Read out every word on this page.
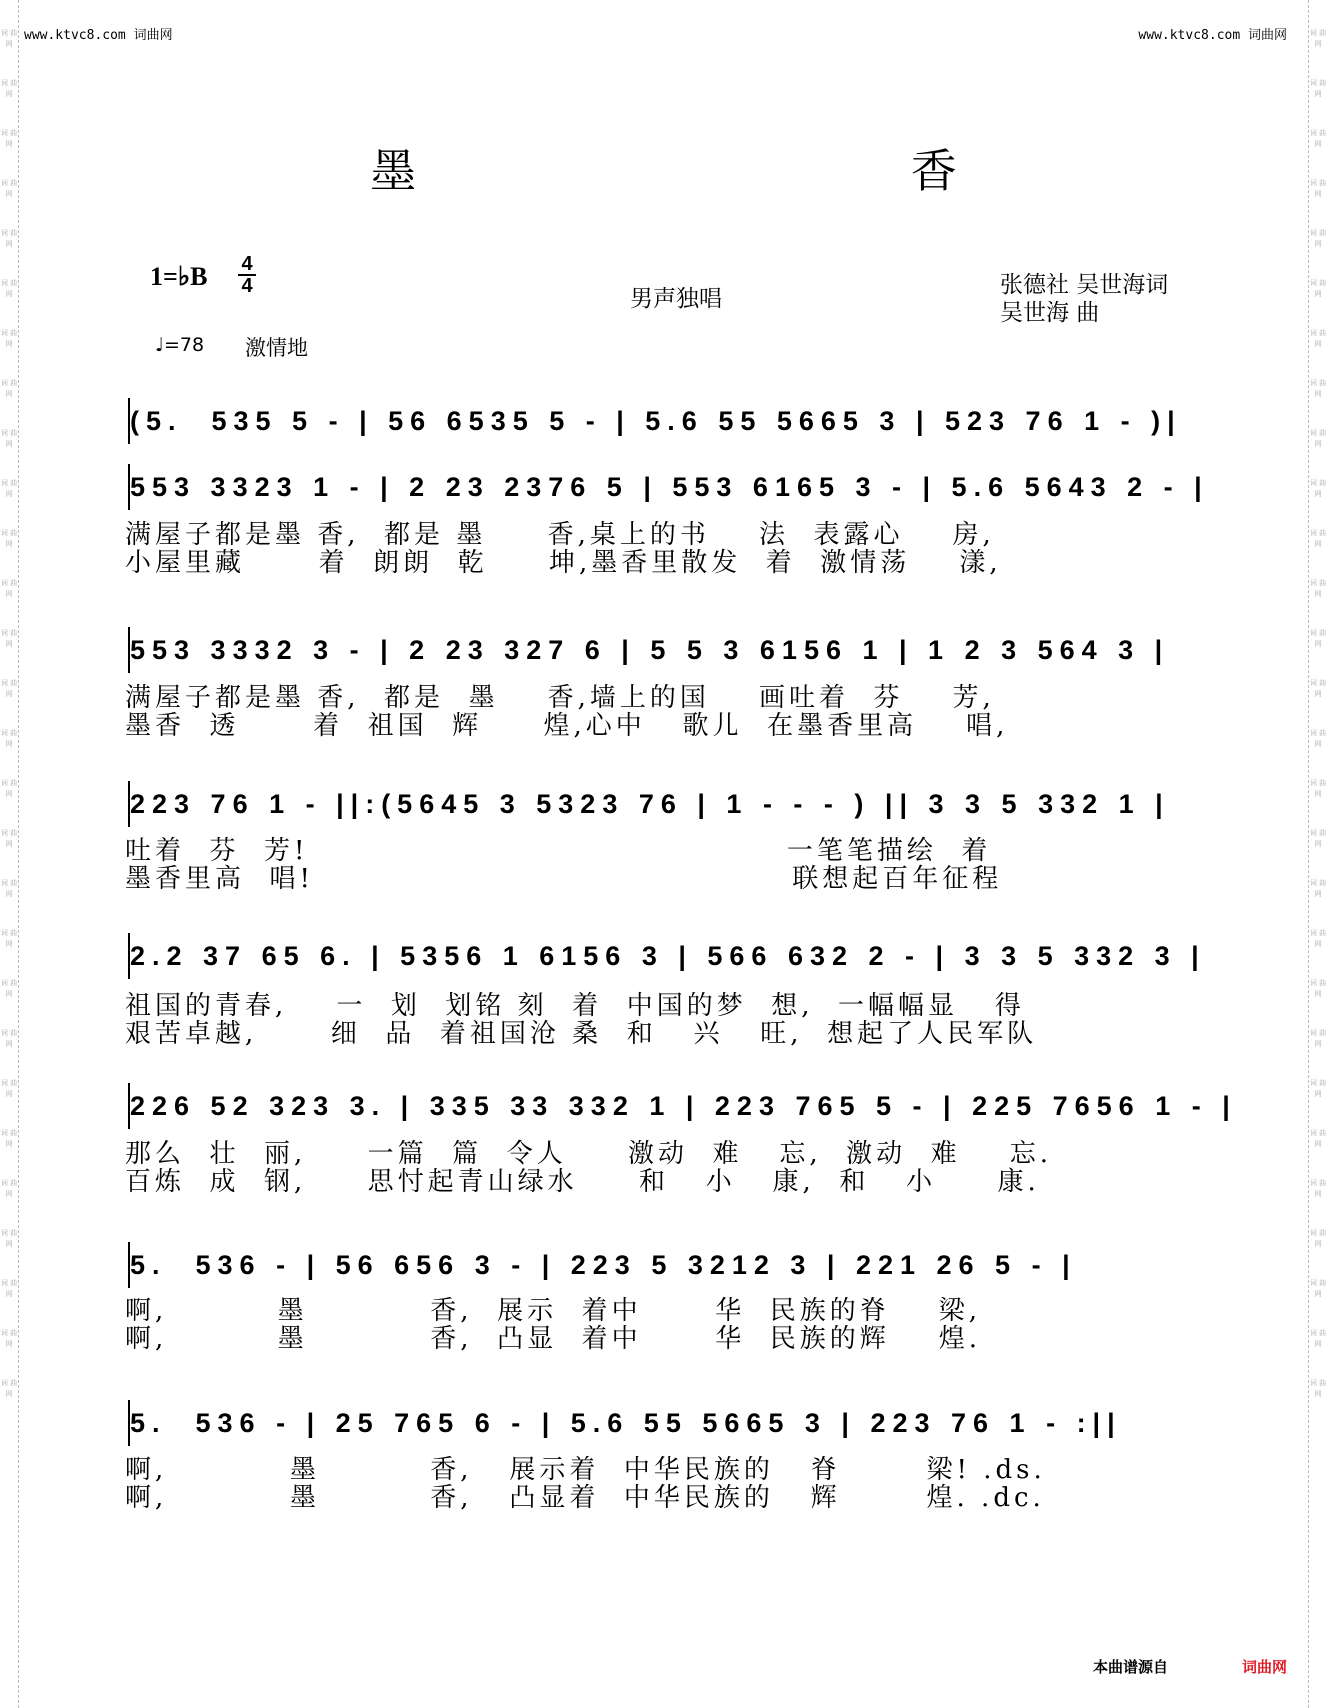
词 曲 网
词 曲 网
词 曲 网
词 曲 网
词 曲 网
词 曲 网
词 曲 网
词 曲 网
词 曲 网
词 曲 网
词 曲 网
词 曲 网
词 曲 网
词 曲 网
词 曲 网
词 曲 网
词 曲 网
词 曲 网
词 曲 网
词 曲 网
词 曲 网
词 曲 网
词 曲 网
词 曲 网
词 曲 网
词 曲 网
词 曲 网
词 曲 网
词 曲 网
词 曲 网
词 曲 网
词 曲 网
词 曲 网
词 曲 网
词 曲 网
词 曲 网
词 曲 网
词 曲 网
词 曲 网
词 曲 网
词 曲 网
词 曲 网
词 曲 网
词 曲 网
词 曲 网
词 曲 网
词 曲 网
词 曲 网
词 曲 网
词 曲 网
词 曲 网
词 曲 网
词 曲 网
词 曲 网
词 曲 网
词 曲 网
www.ktvc8.com 词曲网	www.ktvc8.com 词曲网
墨 香
1=♭B $\frac{4}{4}$
男声独唱
张德社 吴世海词
吴世海 曲
♩=78 激情地
(5.  535 5 - | 56 6535 5 - | 5.6 55 5665 3 | 523 76 1 - )|
553 3323 1 - | 2 23 2376 5 | 553 6165 3 - | 5.6 5643 2 - |
553 3332 3 - | 2 23 327 6 | 5 5 3 6156 1 | 1 2 3 564 3 |
223 76 1 - ||:(5645 3 5323 76 | 1 - - - ) || 3 3 5 332 1 |
2.2 37 65 6. | 5356 1 6156 3 | 566 632 2 - | 3 3 5 332 3 |
226 52 323 3. | 335 33 332 1 | 223 765 5 - | 225 7656 1 - |
5.  536 - | 56 656 3 - | 223 5 3212 3 | 221 26 5 - |
5.  536 - | 25 765 6 - | 5.6 55 5665 3 | 223 76 1 - :||
满屋子都是墨 香,  都是 墨     香,桌上的书    法  表露心    房,
小屋里藏      着  朗朗  乾     坤,墨香里散发  着  激情荡    漾,
满屋子都是墨 香,  都是  墨    香,墙上的国    画吐着  芬    芳,
墨香  透      着  祖国  辉     煌,心中   歌儿  在墨香里高    唱,
吐着  芬  芳!                                       一笔笔描绘  着
墨香里高  唱!                                       联想起百年征程
祖国的青春,    一  划  划铭 刻  着  中国的梦  想,  一幅幅显   得
艰苦卓越,      细  品  着祖国沧 桑  和   兴   旺,  想起了人民军队
那么  壮  丽,     一篇  篇  令人     激动  难   忘,  激动  难    忘.
百炼  成  钢,     思忖起青山绿水     和   小   康,  和   小     康.
啊,         墨          香,  展示  着中      华  民族的脊    梁,
啊,         墨          香,  凸显  着中      华  民族的辉    煌.
啊,          墨         香,   展示着  中华民族的   脊       梁! .ds.
啊,          墨         香,   凸显着  中华民族的   辉       煌. .dc.
本曲谱源自	词曲网
